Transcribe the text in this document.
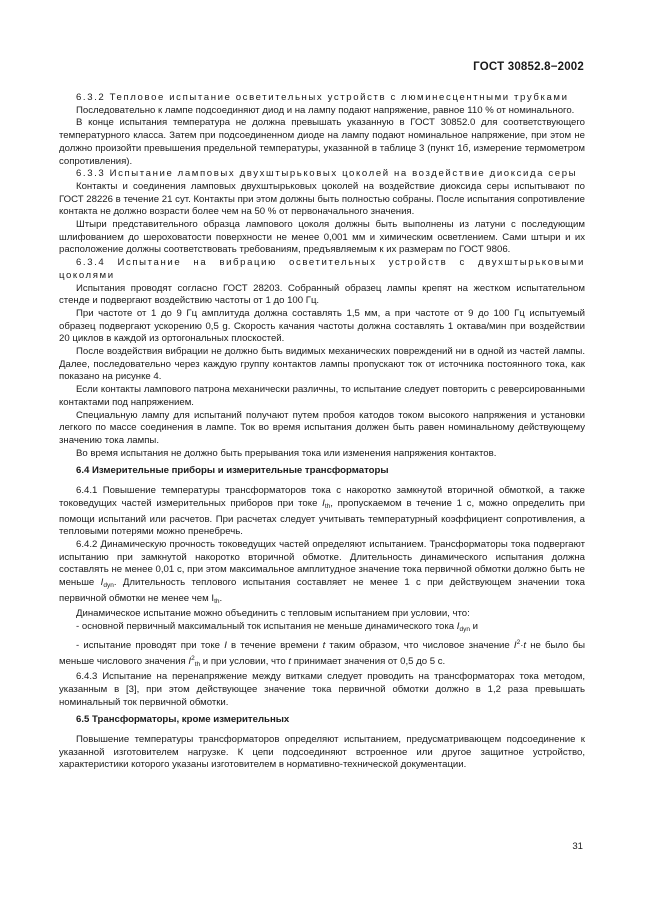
ГОСТ 30852.8−2002

6.3.2 Тепловое испытание осветительных устройств с люминесцентными трубками

Последовательно к лампе подсоединяют диод и на лампу подают напряжение, равное 110 % от номинального.

В конце испытания температура не должна превышать указанную в ГОСТ 30852.0 для соответствующего температурного класса. Затем при подсоединенном диоде на лампу подают номинальное напряжение, при этом не должно произойти превышения предельной температуры, указанной в таблице 3 (пункт 1б, измерение термометром сопротивления).

6.3.3 Испытание ламповых двухштырьковых цоколей на воздействие диоксида серы

Контакты и соединения ламповых двухштырьковых цоколей на воздействие диоксида серы испытывают по ГОСТ 28226 в течение 21 сут. Контакты при этом должны быть полностью собраны. После испытания сопротивление контакта не должно возрасти более чем на 50 % от первоначального значения.

Штыри представительного образца лампового цоколя должны быть выполнены из латуни с последующим шлифованием до шероховатости поверхности не менее 0,001 мм и химическим осветлением. Сами штыри и их расположение должны соответствовать требованиям, предъявляемым к их размерам по ГОСТ 9806.

6.3.4 Испытание на вибрацию осветительных устройств с двухштырьковыми цоколями

Испытания проводят согласно ГОСТ 28203. Собранный образец лампы крепят на жестком испытательном стенде и подвергают воздействию частоты от 1 до 100 Гц.

При частоте от 1 до 9 Гц амплитуда должна составлять 1,5 мм, а при частоте от 9 до 100 Гц испытуемый образец подвергают ускорению 0,5 g. Скорость качания частоты должна составлять 1 октава/мин при воздействии 20 циклов в каждой из ортогональных плоскостей.

После воздействия вибрации не должно быть видимых механических повреждений ни в одной из частей лампы. Далее, последовательно через каждую группу контактов лампы пропускают ток от источника постоянного тока, как показано на рисунке 4.

Если контакты лампового патрона механически различны, то испытание следует повторить с реверсированными контактами под напряжением.

Специальную лампу для испытаний получают путем пробоя катодов током высокого напряжения и установки легкого по массе соединения в лампе. Ток во время испытания должен быть равен номинальному действующему значению тока лампы.

Во время испытания не должно быть прерывания тока или изменения напряжения контактов.

6.4 Измерительные приборы и измерительные трансформаторы

6.4.1 Повышение температуры трансформаторов тока с накоротко замкнутой вторичной обмоткой, а также токоведущих частей измерительных приборов при токе $I_{th}$, пропускаемом в течение 1 с, можно определить при помощи испытаний или расчетов. При расчетах следует учитывать температурный коэффициент сопротивления, а тепловыми потерями можно пренебречь.

6.4.2 Динамическую прочность токоведущих частей определяют испытанием. Трансформаторы тока подвергают испытанию при замкнутой накоротко вторичной обмотке. Длительность динамического испытания должна составлять не менее 0,01 с, при этом максимальное амплитудное значение тока первичной обмотки должно быть не меньше $I_{dyn}$. Длительность теплового испытания составляет не менее 1 с при действующем значении тока первичной обмотки не менее чем $I_{th}$.

Динамическое испытание можно объединить с тепловым испытанием при условии, что:

- основной первичный максимальный ток испытания не меньше динамического тока $I_{dyn}$ и

- испытание проводят при токе I в течение времени t таким образом, что числовое значение $I^2\cdot t$ не было бы меньше числового значения $I^2_{th}$ и при условии, что t принимает значения от 0,5 до 5 с.

6.4.3 Испытание на перенапряжение между витками следует проводить на трансформаторах тока методом, указанным в [3], при этом действующее значение тока первичной обмотки должно в 1,2 раза превышать номинальный ток первичной обмотки.

6.5 Трансформаторы, кроме измерительных

Повышение температуры трансформаторов определяют испытанием, предусматривающем подсоединение к указанной изготовителем нагрузке. К цепи подсоединяют встроенное или другое защитное устройство, характеристики которого указаны изготовителем в нормативно-технической документации.

31
